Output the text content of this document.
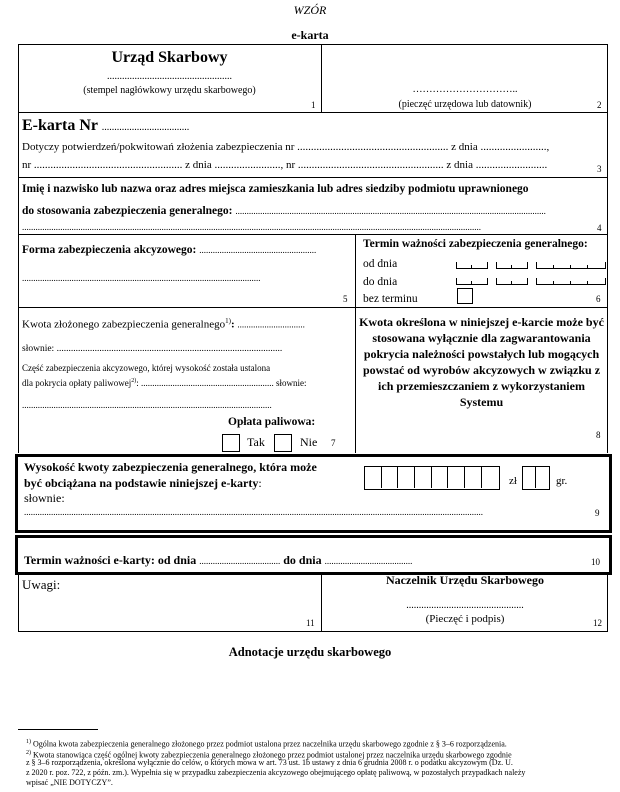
WZÓR
e-karta
Urząd Skarbowy
..................................................
(stempel nagłówkowy urzędu skarbowego)
1
…………………………..
(pieczęć urzędowa lub datownik)	2
E-karta Nr ...................................
Dotyczy potwierdzeń/pokwitowań złożenia zabezpieczenia nr ....................................................... z dnia ........................,
nr ...................................................... z dnia ........................, nr ..................................................... z dnia ..........................	3
Imię i nazwisko lub nazwa oraz adres miejsca zamieszkania lub adres siedziby podmiotu uprawnionego
do stosowania zabezpieczenia generalnego: ..........................................................................................................................................
............................................................................................................................................................................................................	4
Forma zabezpieczenia akcyzowego: ....................................................
..........................................................................................................
5
Termin ważności zabezpieczenia generalnego:
od dnia
do dnia
bez terminu	6
Kwota złożonego zabezpieczenia generalnego$^{1)}$: ..............................
słownie: ...............................................................................................
Część zabezpieczenia akcyzowego, której wysokość została ustalona
dla pokrycia opłaty paliwowej$^{2)}$: ........................................................... słownie:
...............................................................................................................
Opłata paliwowa:
Tak	Nie 7
Kwota określona w niniejszej e-karcie może być stosowana wyłącznie dla zagwarantowania pokrycia należności powstałych lub mogących powstać od wyrobów akcyzowych w związku z ich przemieszczaniem z wykorzystaniem Systemu
8
Wysokość kwoty zabezpieczenia generalnego, która może
być obciążana na podstawie niniejszej e-karty:
słownie:
............................................................................................................................................................................................................
zł	gr.
9
Termin ważności e-karty: od dnia .................................... do dnia .......................................	10
Uwagi:
11
Naczelnik Urzędu Skarbowego
...............................................
(Pieczęć i podpis)	12
Adnotacje urzędu skarbowego
$^{1)}$ Ogólna kwota zabezpieczenia generalnego złożonego przez podmiot ustalona przez naczelnika urzędu skarbowego zgodnie z § 3–6 rozporządzenia.
$^{2)}$ Kwota stanowiąca część ogólnej kwoty zabezpieczenia generalnego złożonego przez podmiot ustalonej przez naczelnika urzędu skarbowego zgodnie
z § 3–6 rozporządzenia, określona wyłącznie do celów, o których mowa w art. 73 ust. 1b ustawy z dnia 6 grudnia 2008 r. o podatku akcyzowym (Dz. U.
z 2020 r. poz. 722, z późn. zm.). Wypełnia się w przypadku zabezpieczenia akcyzowego obejmującego opłatę paliwową, w pozostałych przypadkach należy
wpisać „NIE DOTYCZY”.
